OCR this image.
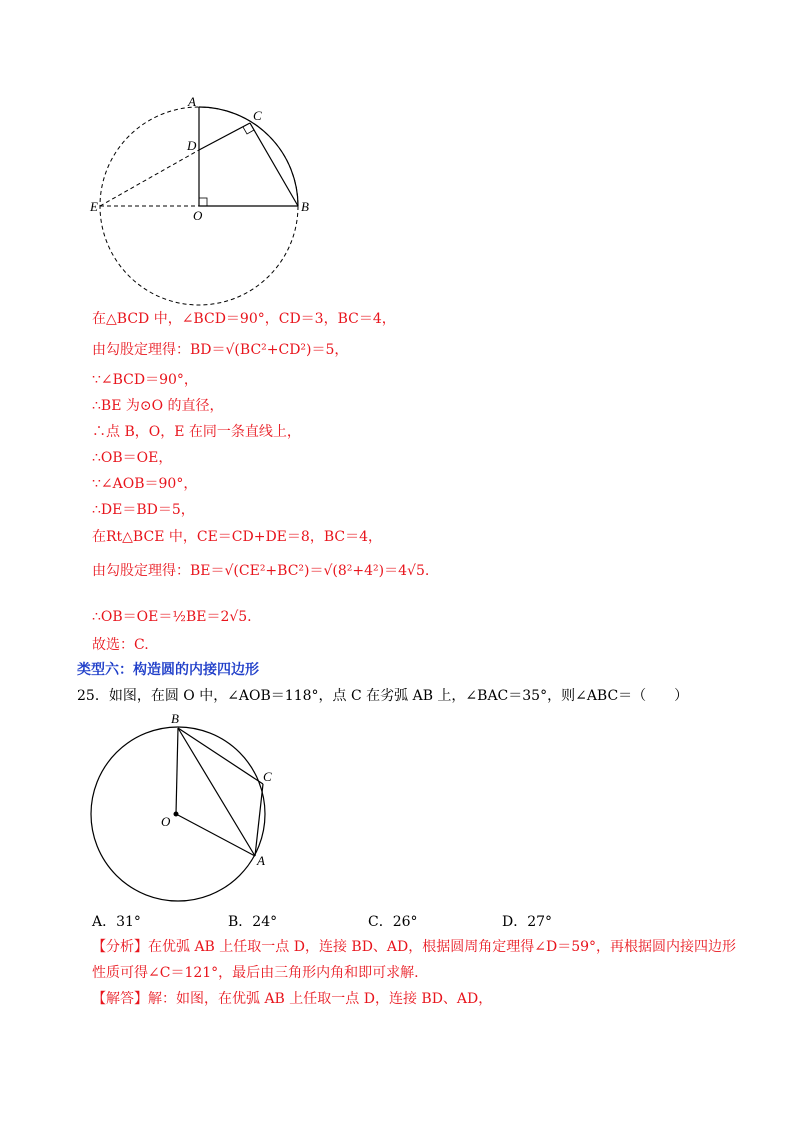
A
C
D
E
O
B
在△BCD 中，∠BCD＝90°，CD＝3，BC＝4，
由勾股定理得：BD＝√(BC²+CD²)＝5，
∵∠BCD＝90°，
∴BE 为⊙O 的直径，
∴点 B，O，E 在同一条直线上，
∴OB＝OE，
∵∠AOB＝90°，
∴DE＝BD＝5，
在Rt△BCE 中，CE＝CD+DE＝8，BC＝4，
由勾股定理得：BE＝√(CE²+BC²)＝√(8²+4²)＝4√5.
∴OB＝OE＝½BE＝2√5.
故选：C.
类型六：构造圆的内接四边形
25．如图，在圆 O 中，∠AOB＝118°，点 C 在劣弧 AB 上，∠BAC＝35°，则∠ABC＝（　　）
B
C
O
A
A．31°	B．24°	C．26°	D．27°
【分析】在优弧 AB 上任取一点 D，连接 BD、AD，根据圆周角定理得∠D＝59°，再根据圆内接四边形
性质可得∠C＝121°，最后由三角形内角和即可求解.
【解答】解：如图，在优弧 AB 上任取一点 D，连接 BD、AD，
